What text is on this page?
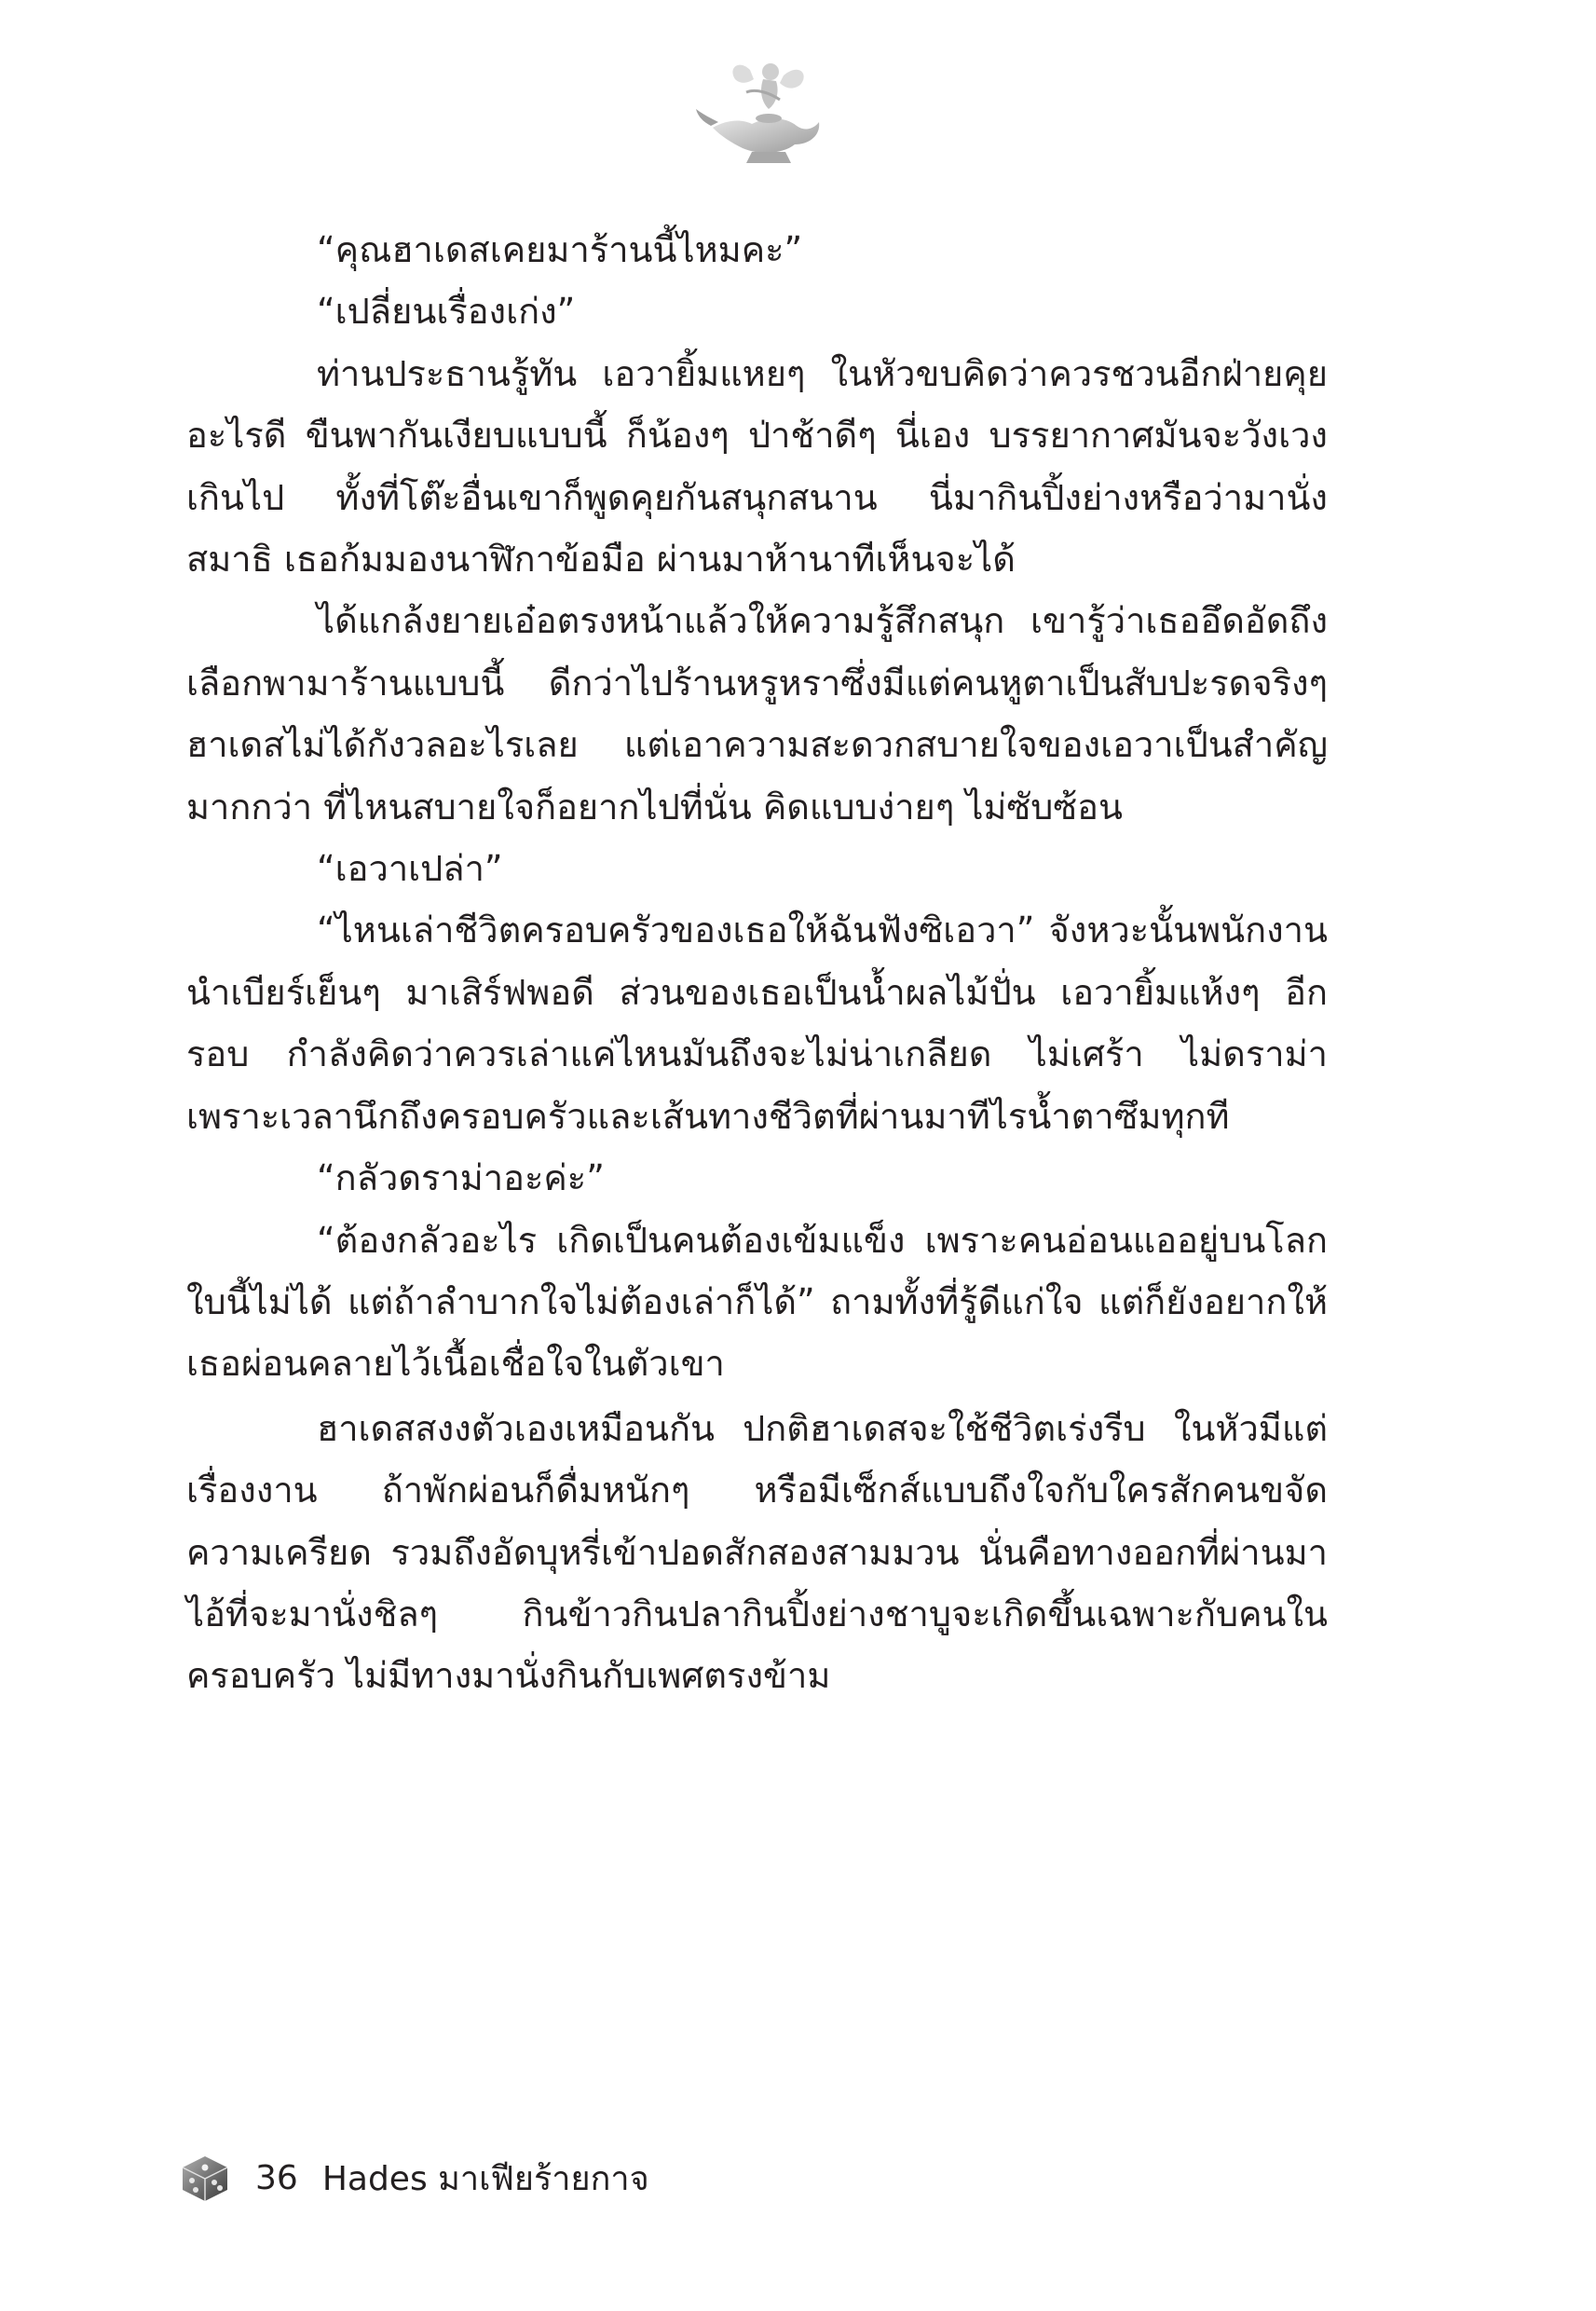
“คุณฮาเดสเคยมาร้านนี้ไหมคะ”

“เปลี่ยนเรื่องเก่ง”

ท่านประธานรู้ทัน เอวายิ้มแหยๆ ในหัวขบคิดว่าควรชวนอีกฝ่ายคุยอะไรดี ขืนพากันเงียบแบบนี้ ก็น้องๆ ป่าช้าดีๆ นี่เอง บรรยากาศมันจะวังเวงเกินไป ทั้งที่โต๊ะอื่นเขาก็พูดคุยกันสนุกสนาน นี่มากินปิ้งย่างหรือว่ามานั่งสมาธิ เธอก้มมองนาฬิกาข้อมือ ผ่านมาห้านาทีเห็นจะได้

ได้แกล้งยายเอ๋อตรงหน้าแล้วให้ความรู้สึกสนุก เขารู้ว่าเธออึดอัดถึงเลือกพามาร้านแบบนี้ ดีกว่าไปร้านหรูหราซึ่งมีแต่คนหูตาเป็นสับปะรดจริงๆ ฮาเดสไม่ได้กังวลอะไรเลย แต่เอาความสะดวกสบายใจของเอวาเป็นสำคัญมากกว่า ที่ไหนสบายใจก็อยากไปที่นั่น คิดแบบง่ายๆ ไม่ซับซ้อน

“เอวาเปล่า”

“ไหนเล่าชีวิตครอบครัวของเธอให้ฉันฟังซิเอวา” จังหวะนั้นพนักงานนำเบียร์เย็นๆ มาเสิร์ฟพอดี ส่วนของเธอเป็นน้ำผลไม้ปั่น เอวายิ้มแห้งๆ อีกรอบ กำลังคิดว่าควรเล่าแค่ไหนมันถึงจะไม่น่าเกลียด ไม่เศร้า ไม่ดราม่า เพราะเวลานึกถึงครอบครัวและเส้นทางชีวิตที่ผ่านมาทีไรน้ำตาซึมทุกที

“กลัวดราม่าอะค่ะ”

“ต้องกลัวอะไร เกิดเป็นคนต้องเข้มแข็ง เพราะคนอ่อนแออยู่บนโลกใบนี้ไม่ได้ แต่ถ้าลำบากใจไม่ต้องเล่าก็ได้” ถามทั้งที่รู้ดีแก่ใจ แต่ก็ยังอยากให้เธอผ่อนคลายไว้เนื้อเชื่อใจในตัวเขา

ฮาเดสสงงตัวเองเหมือนกัน ปกติฮาเดสจะใช้ชีวิตเร่งรีบ ในหัวมีแต่เรื่องงาน ถ้าพักผ่อนก็ดื่มหนักๆ หรือมีเซ็กส์แบบถึงใจกับใครสักคนขจัดความเครียด รวมถึงอัดบุหรี่เข้าปอดสักสองสามมวน นั่นคือทางออกที่ผ่านมา ไอ้ที่จะมานั่งชิลๆ กินข้าวกินปลากินปิ้งย่างชาบูจะเกิดขึ้นเฉพาะกับคนในครอบครัว ไม่มีทางมานั่งกินกับเพศตรงข้าม

36 Hades มาเฟียร้ายกาจ
